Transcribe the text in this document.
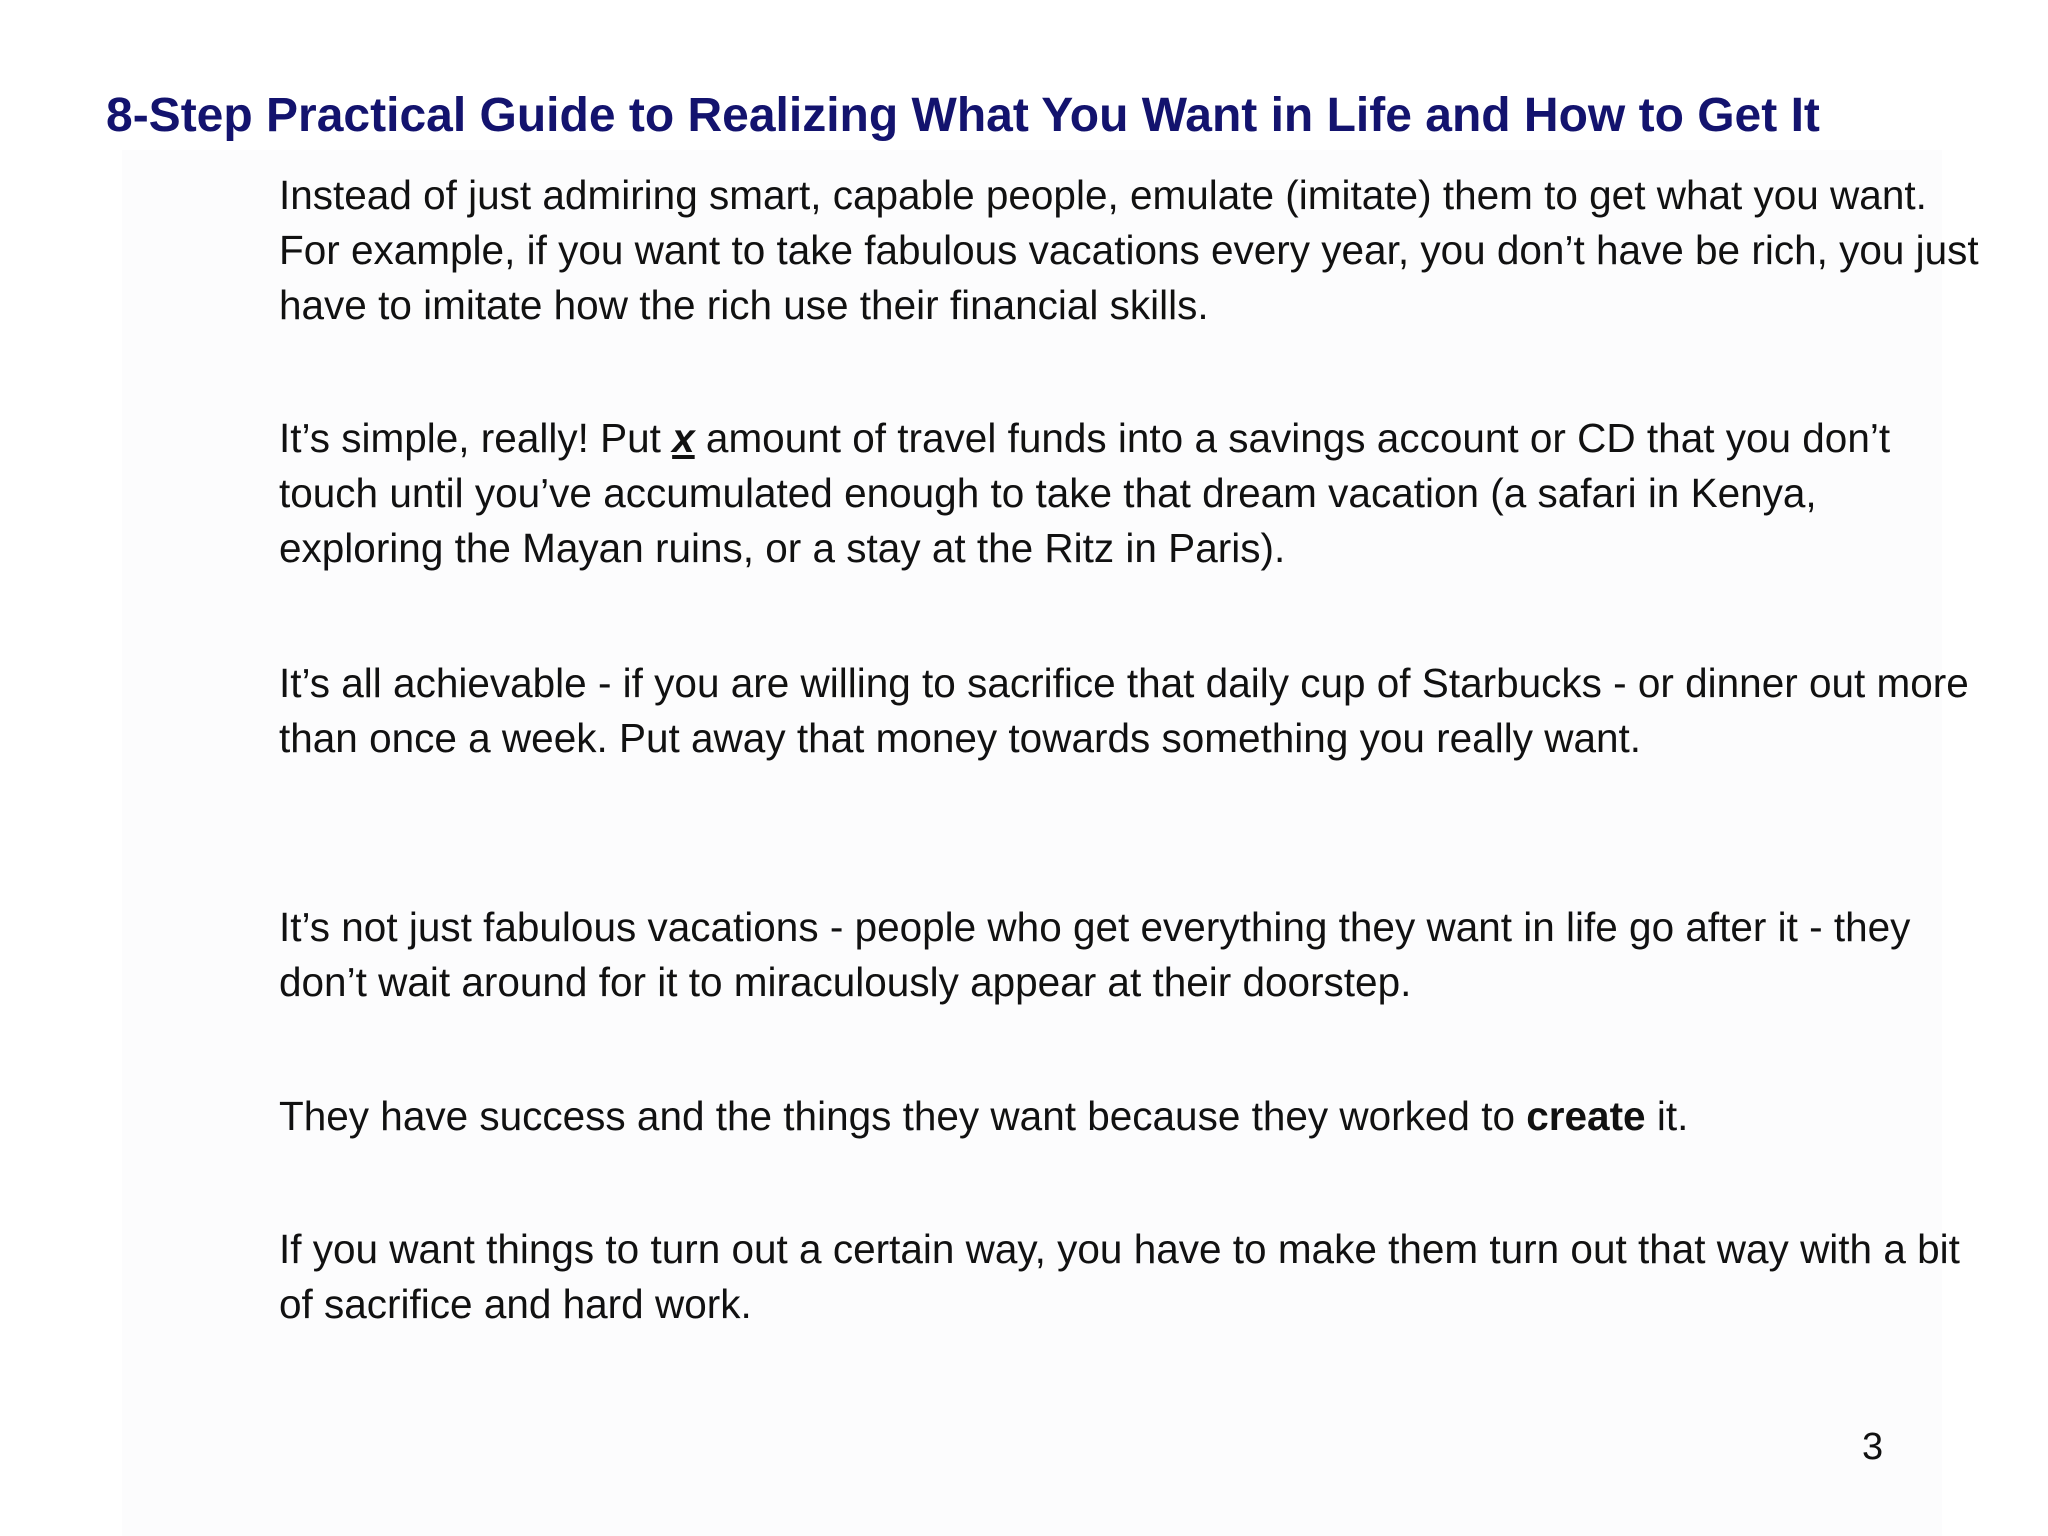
8-Step Practical Guide to Realizing What You Want in Life and How to Get It

Instead of just admiring smart, capable people, emulate (imitate) them to get what you want. For example, if you want to take fabulous vacations every year, you don’t have be rich, you just have to imitate how the rich use their financial skills.

It’s simple, really! Put x amount of travel funds into a savings account or CD that you don’t touch until you’ve accumulated enough to take that dream vacation (a safari in Kenya, exploring the Mayan ruins, or a stay at the Ritz in Paris).

It’s all achievable - if you are willing to sacrifice that daily cup of Starbucks - or dinner out more than once a week. Put away that money towards something you really want.

It’s not just fabulous vacations - people who get everything they want in life go after it - they don’t wait around for it to miraculously appear at their doorstep.

They have success and the things they want because they worked to create it.

If you want things to turn out a certain way, you have to make them turn out that way with a bit of sacrifice and hard work.

3
